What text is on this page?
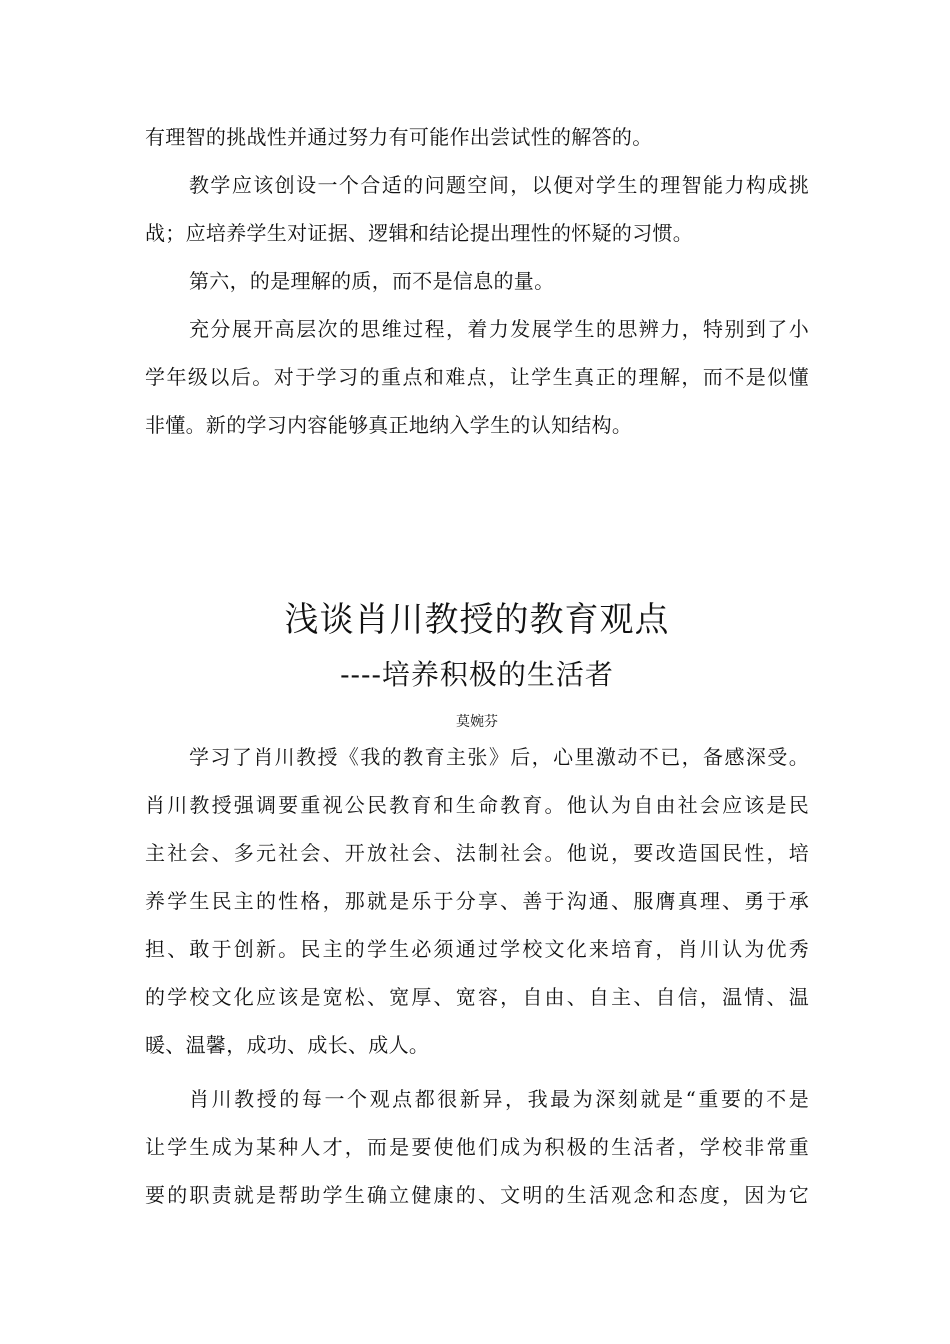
有理智的挑战性并通过努力有可能作出尝试性的解答的。
教学应该创设一个合适的问题空间，以便对学生的理智能力构成挑
战；应培养学生对证据、逻辑和结论提出理性的怀疑的习惯。
第六，的是理解的质，而不是信息的量。
充分展开高层次的思维过程，着力发展学生的思辨力，特别到了小
学年级以后。对于学习的重点和难点，让学生真正的理解，而不是似懂
非懂。新的学习内容能够真正地纳入学生的认知结构。
浅谈肖川教授的教育观点
----培养积极的生活者
莫婉芬
学习了肖川教授《我的教育主张》后，心里激动不已，备感深受。
肖川教授强调要重视公民教育和生命教育。他认为自由社会应该是民
主社会、多元社会、开放社会、法制社会。他说，要改造国民性，培
养学生民主的性格，那就是乐于分享、善于沟通、服膺真理、勇于承
担、敢于创新。民主的学生必须通过学校文化来培育，肖川认为优秀
的学校文化应该是宽松、宽厚、宽容，自由、自主、自信，温情、温
暖、温馨，成功、成长、成人。
肖川教授的每一个观点都很新异，我最为深刻就是“重要的不是
让学生成为某种人才，而是要使他们成为积极的生活者，学校非常重
要的职责就是帮助学生确立健康的、文明的生活观念和态度，因为它
